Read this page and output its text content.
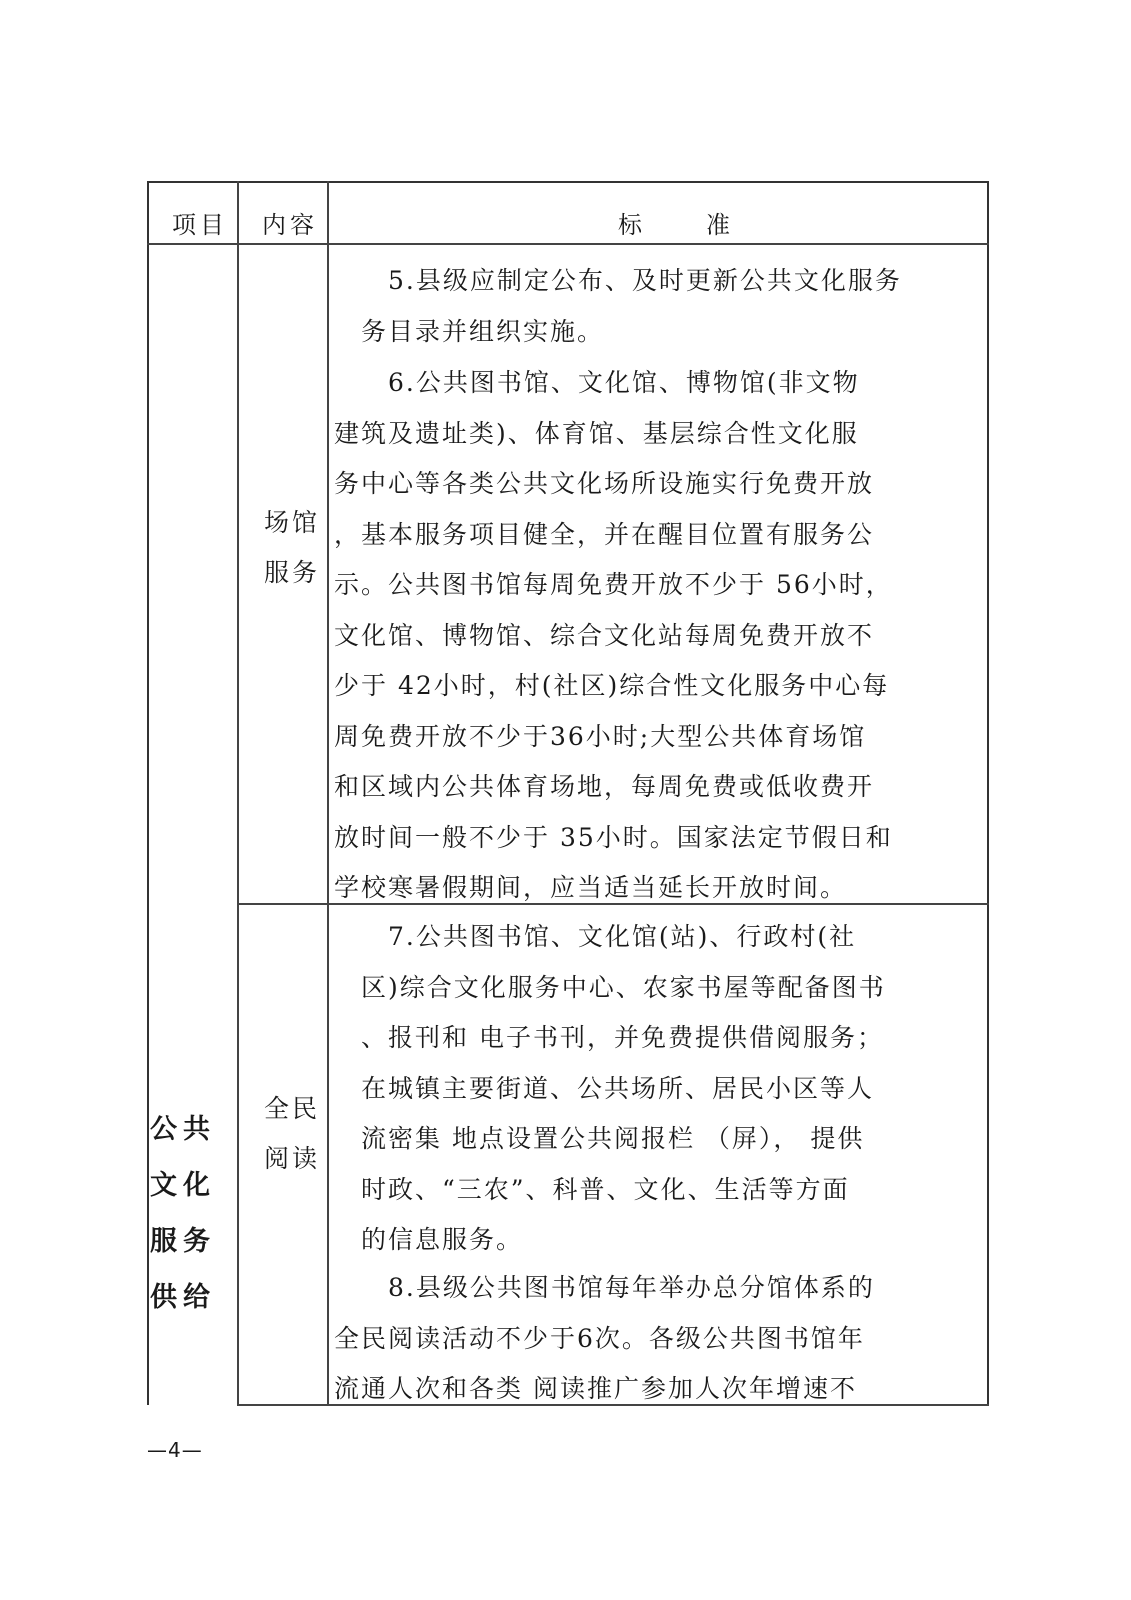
项目 内容	标　准
公共
文化
服务
供给
场馆
服务
　　5.县级应制定公布、及时更新公共文化服务
　务目录并组织实施。
　　6.公共图书馆、文化馆、博物馆(非文物
建筑及遗址类)、体育馆、基层综合性文化服
务中心等各类公共文化场所设施实行免费开放
，基本服务项目健全，并在醒目位置有服务公
示。公共图书馆每周免费开放不少于 56小时，
文化馆、博物馆、综合文化站每周免费开放不
少于 42小时，村(社区)综合性文化服务中心每
周免费开放不少于36小时;大型公共体育场馆
和区域内公共体育场地，每周免费或低收费开
放时间一般不少于 35小时。国家法定节假日和
学校寒暑假期间，应当适当延长开放时间。
全民
阅读
　　7.公共图书馆、文化馆(站)、行政村(社
　区)综合文化服务中心、农家书屋等配备图书
　、报刊和 电子书刊，并免费提供借阅服务；
　在城镇主要街道、公共场所、居民小区等人
　流密集 地点设置公共阅报栏 （屏）， 提供
　时政、“三农”、科普、文化、生活等方面
　的信息服务。
　　8.县级公共图书馆每年举办总分馆体系的
全民阅读活动不少于6次。各级公共图书馆年
流通人次和各类 阅读推广参加人次年增速不
—4—
